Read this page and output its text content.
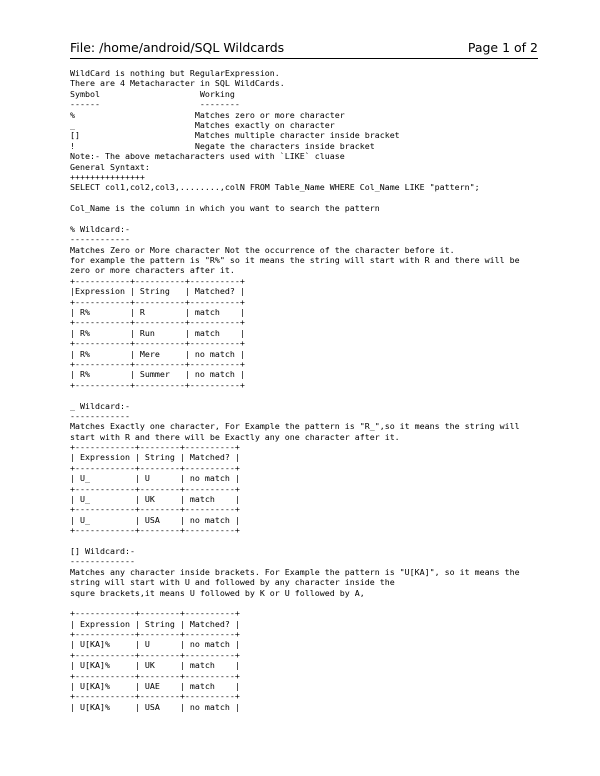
File: /home/android/SQL Wildcards	Page 1 of 2
WildCard is nothing but RegularExpression.
There are 4 Metacharacter in SQL WildCards.
Symbol                    Working
------                    --------
%                        Matches zero or more character
_                        Matches exactly on character
[]                       Matches multiple character inside bracket
!                        Negate the characters inside bracket
Note:- The above metacharacters used with `LIKE` cluase
General Syntaxt:
+++++++++++++++
SELECT col1,col2,col3,........,colN FROM Table_Name WHERE Col_Name LIKE "pattern";
Col_Name is the column in which you want to search the pattern
% Wildcard:-
------------
Matches Zero or More character Not the occurrence of the character before it.
for example the pattern is "R%" so it means the string will start with R and there will be
zero or more characters after it.
+-----------+----------+----------+
|Expression | String   | Matched? |
+-----------+----------+----------+
| R%        | R        | match    |
+-----------+----------+----------+
| R%        | Run      | match    |
+-----------+----------+----------+
| R%        | Mere     | no match |
+-----------+----------+----------+
| R%        | Summer   | no match |
+-----------+----------+----------+
_ Wildcard:-
------------
Matches Exactly one character, For Example the pattern is "R_",so it means the string will
start with R and there will be Exactly any one character after it.
+------------+--------+----------+
| Expression | String | Matched? |
+------------+--------+----------+
| U_         | U      | no match |
+------------+--------+----------+
| U_         | UK     | match    |
+------------+--------+----------+
| U_         | USA    | no match |
+------------+--------+----------+
[] Wildcard:-
-------------
Matches any character inside brackets. For Example the pattern is "U[KA]", so it means the
string will start with U and followed by any character inside the
squre brackets,it means U followed by K or U followed by A,
+------------+--------+----------+
| Expression | String | Matched? |
+------------+--------+----------+
| U[KA]%     | U      | no match |
+------------+--------+----------+
| U[KA]%     | UK     | match    |
+------------+--------+----------+
| U[KA]%     | UAE    | match    |
+------------+--------+----------+
| U[KA]%     | USA    | no match |
